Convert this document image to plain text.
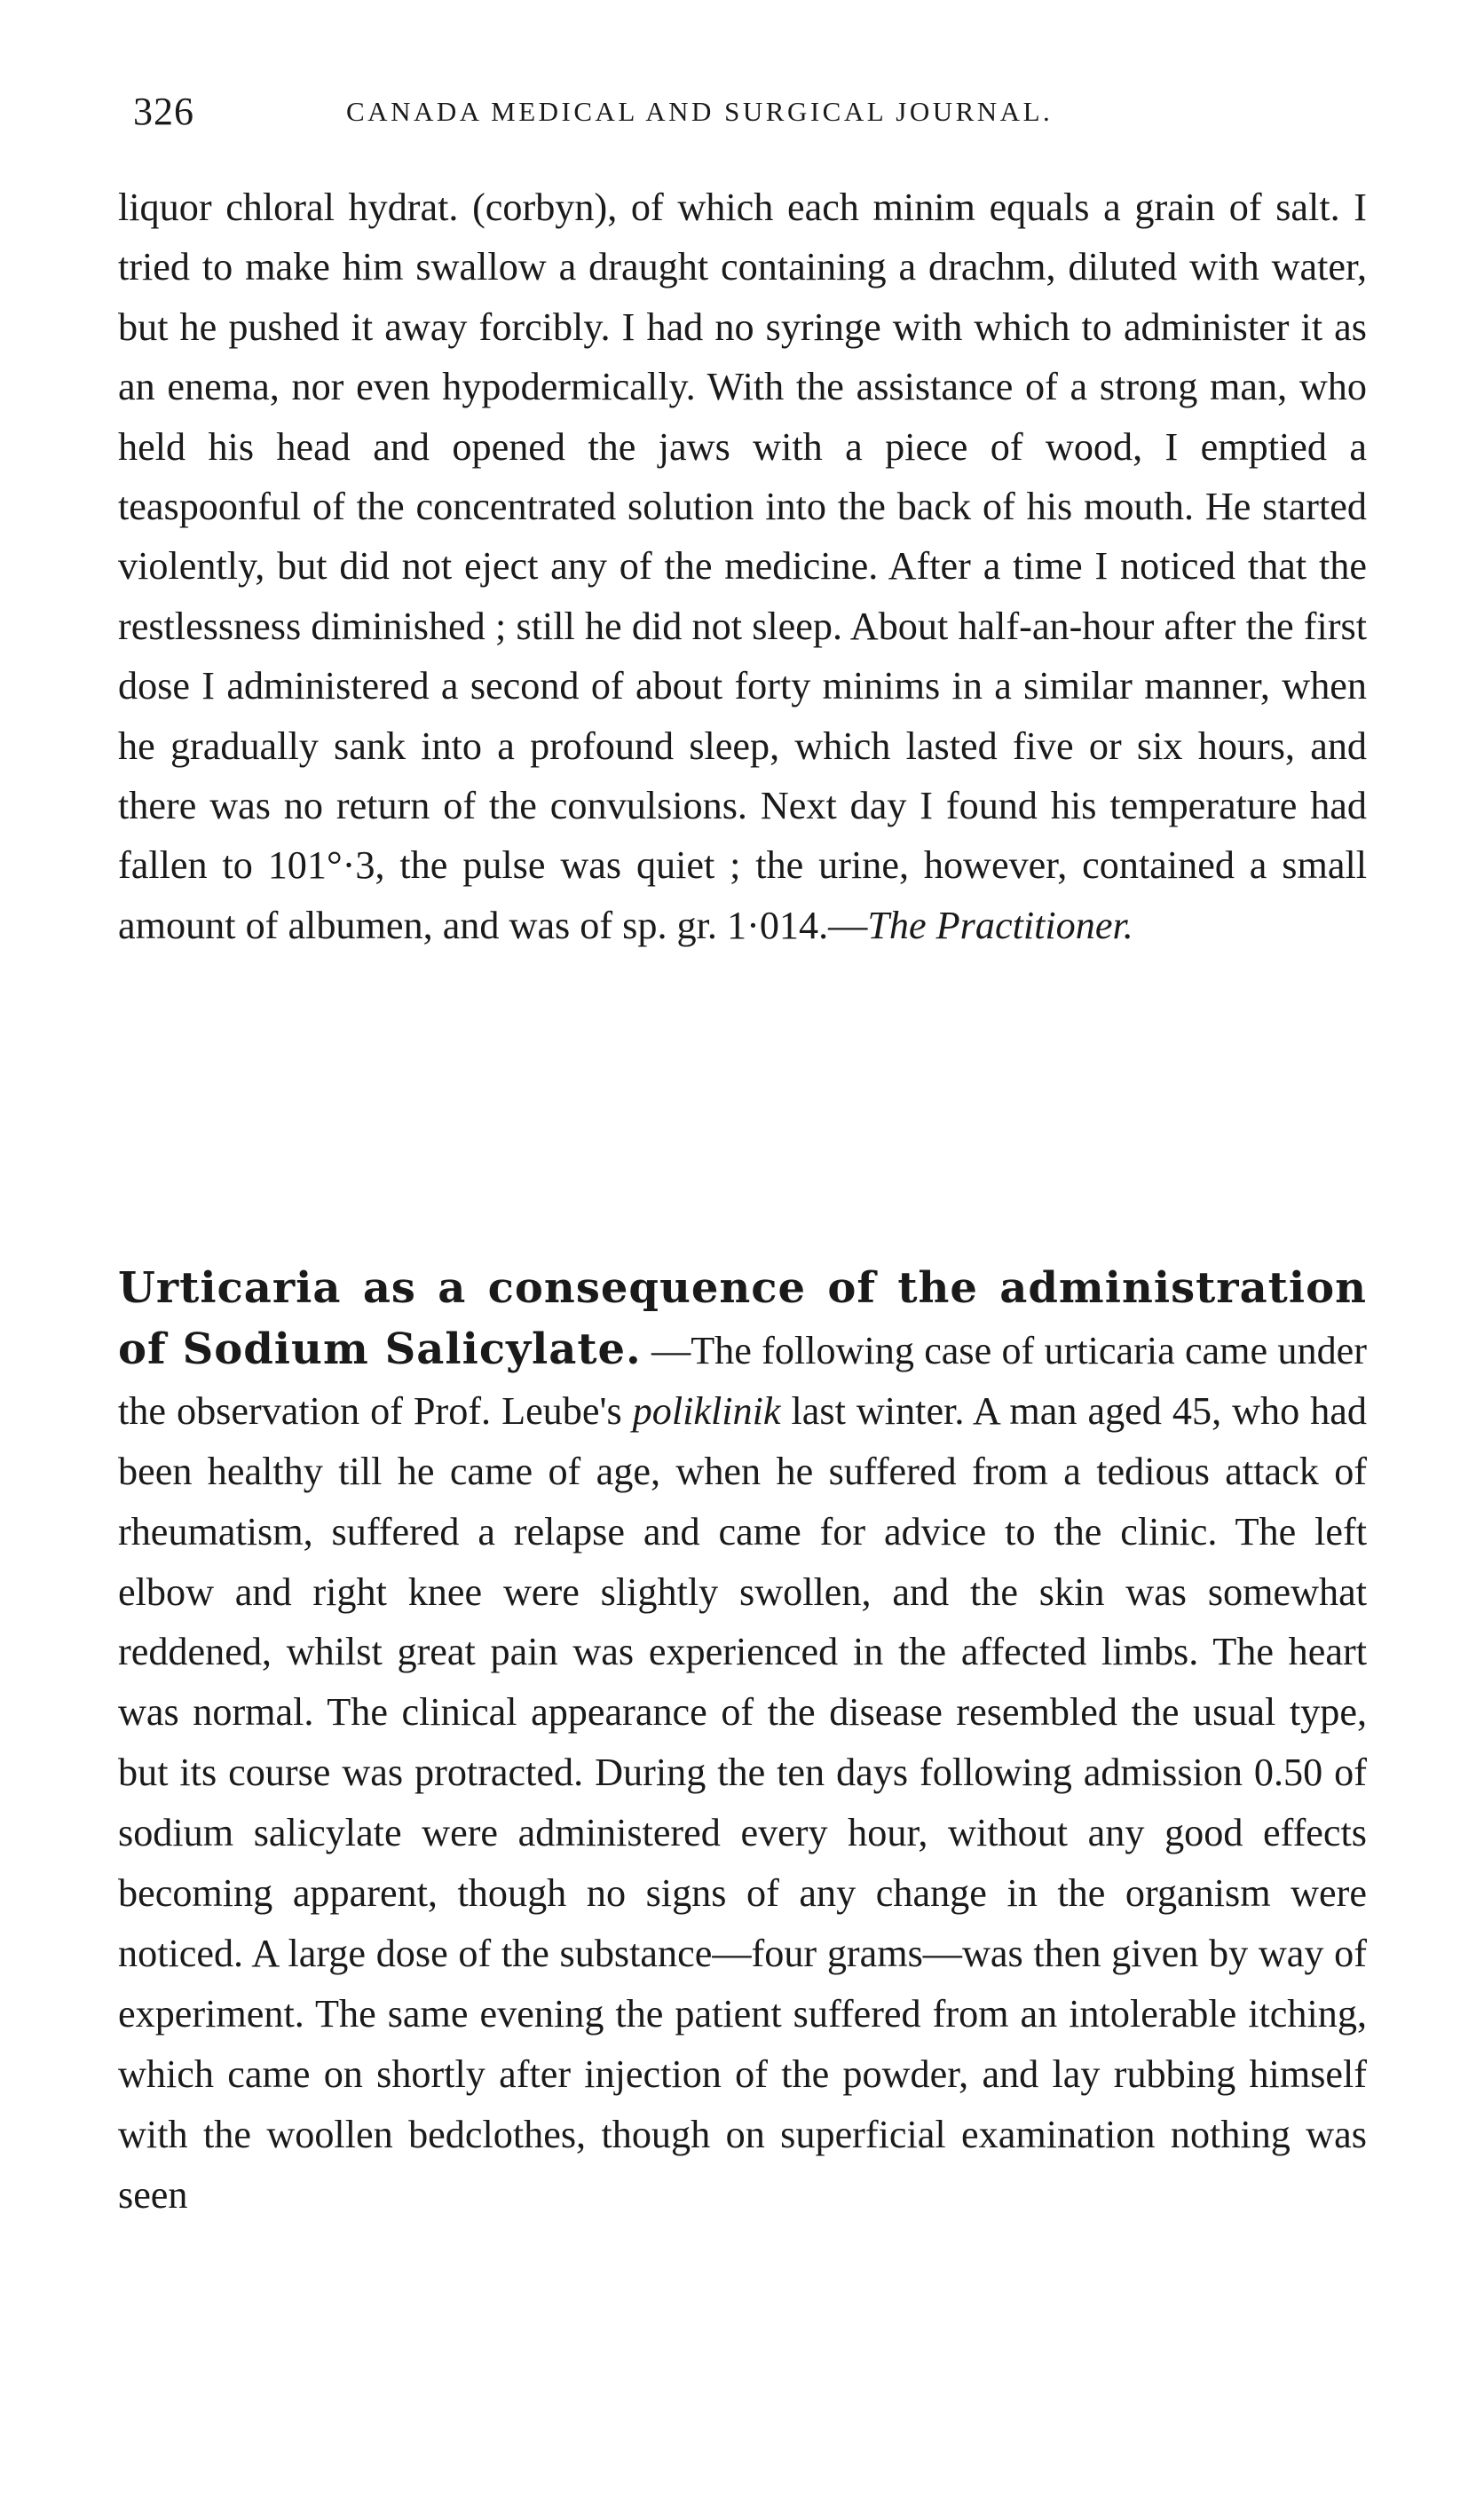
326	CANADA MEDICAL AND SURGICAL JOURNAL.

liquor chloral hydrat. (corbyn), of which each minim equals a grain of salt. I tried to make him swallow a draught containing a drachm, diluted with water, but he pushed it away forcibly. I had no syringe with which to administer it as an enema, nor even hypodermically. With the assistance of a strong man, who held his head and opened the jaws with a piece of wood, I emptied a teaspoonful of the concentrated solution into the back of his mouth. He started violently, but did not eject any of the medicine. After a time I noticed that the restlessness diminished ; still he did not sleep. About half-an-hour after the first dose I administered a second of about forty minims in a similar manner, when he gradually sank into a profound sleep, which lasted five or six hours, and there was no return of the convulsions. Next day I found his temperature had fallen to 101°·3, the pulse was quiet ; the urine, however, contained a small amount of albumen, and was of sp. gr. 1·014.—The Practitioner.

Urticaria as a consequence of the administration of Sodium Salicylate. —The following case of urticaria came under the observation of Prof. Leube's poliklinik last winter. A man aged 45, who had been healthy till he came of age, when he suffered from a tedious attack of rheumatism, suffered a relapse and came for advice to the clinic. The left elbow and right knee were slightly swollen, and the skin was somewhat reddened, whilst great pain was experienced in the affected limbs. The heart was normal. The clinical appearance of the disease resembled the usual type, but its course was protracted. During the ten days following admission 0.50 of sodium salicylate were administered every hour, without any good effects becoming apparent, though no signs of any change in the organism were noticed. A large dose of the substance—four grams—was then given by way of experiment. The same evening the patient suffered from an intolerable itching, which came on shortly after injection of the powder, and lay rubbing himself with the woollen bedclothes, though on superficial examination nothing was seen
